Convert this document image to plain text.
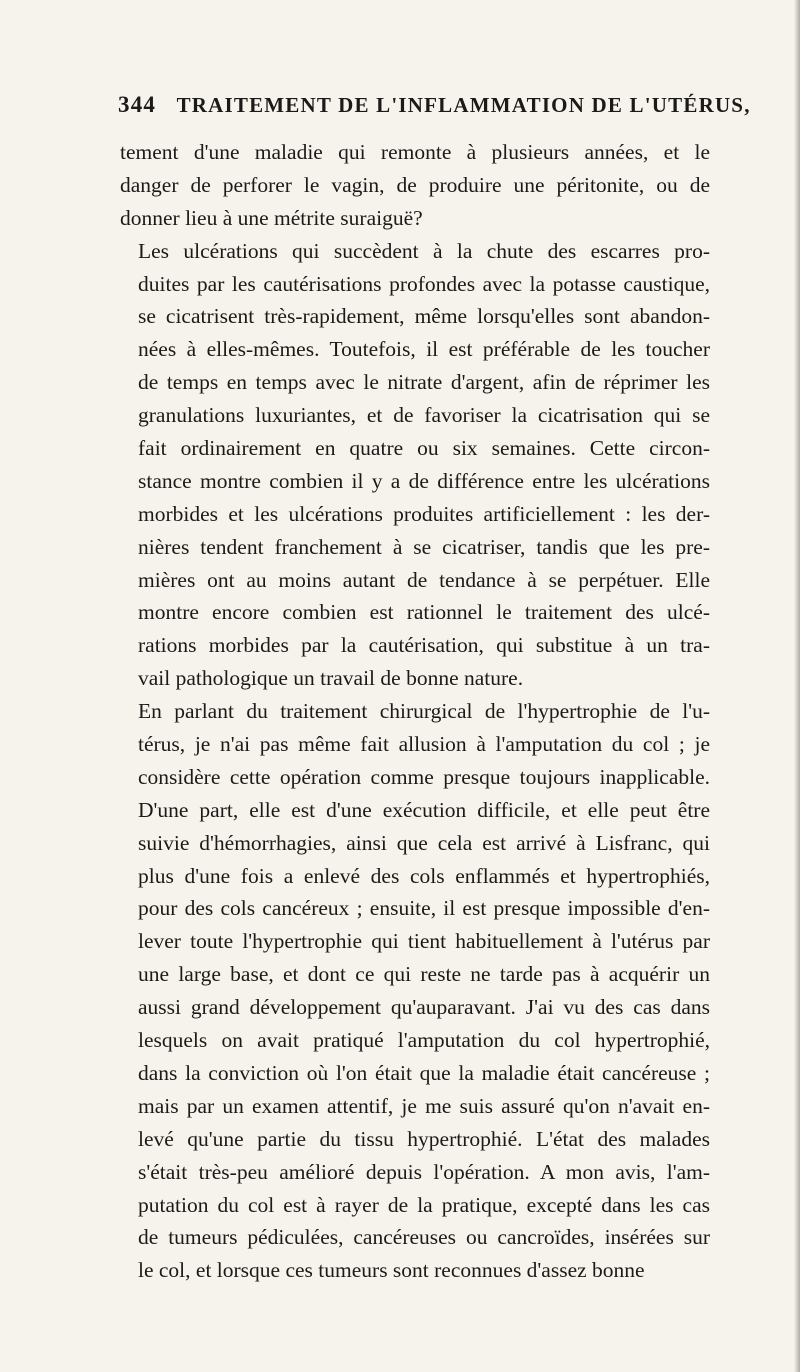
344 TRAITEMENT DE L'INFLAMMATION DE L'UTÉRUS,

tement d'une maladie qui remonte à plusieurs années, et le
danger de perforer le vagin, de produire une péritonite, ou de
donner lieu à une métrite suraiguë?

Les ulcérations qui succèdent à la chute des escarres pro-
duites par les cautérisations profondes avec la potasse caustique,
se cicatrisent très-rapidement, même lorsqu'elles sont abandon-
nées à elles-mêmes. Toutefois, il est préférable de les toucher
de temps en temps avec le nitrate d'argent, afin de réprimer les
granulations luxuriantes, et de favoriser la cicatrisation qui se
fait ordinairement en quatre ou six semaines. Cette circon-
stance montre combien il y a de différence entre les ulcérations
morbides et les ulcérations produites artificiellement : les der-
nières tendent franchement à se cicatriser, tandis que les pre-
mières ont au moins autant de tendance à se perpétuer. Elle
montre encore combien est rationnel le traitement des ulcé-
rations morbides par la cautérisation, qui substitue à un tra-
vail pathologique un travail de bonne nature.

En parlant du traitement chirurgical de l'hypertrophie de l'u-
térus, je n'ai pas même fait allusion à l'amputation du col ; je
considère cette opération comme presque toujours inapplicable.
D'une part, elle est d'une exécution difficile, et elle peut être
suivie d'hémorrhagies, ainsi que cela est arrivé à Lisfranc, qui
plus d'une fois a enlevé des cols enflammés et hypertrophiés,
pour des cols cancéreux ; ensuite, il est presque impossible d'en-
lever toute l'hypertrophie qui tient habituellement à l'utérus par
une large base, et dont ce qui reste ne tarde pas à acquérir un
aussi grand développement qu'auparavant. J'ai vu des cas dans
lesquels on avait pratiqué l'amputation du col hypertrophié,
dans la conviction où l'on était que la maladie était cancéreuse ;
mais par un examen attentif, je me suis assuré qu'on n'avait en-
levé qu'une partie du tissu hypertrophié. L'état des malades
s'était très-peu amélioré depuis l'opération. A mon avis, l'am-
putation du col est à rayer de la pratique, excepté dans les cas
de tumeurs pédiculées, cancéreuses ou cancroïdes, insérées sur
le col, et lorsque ces tumeurs sont reconnues d'assez bonne
